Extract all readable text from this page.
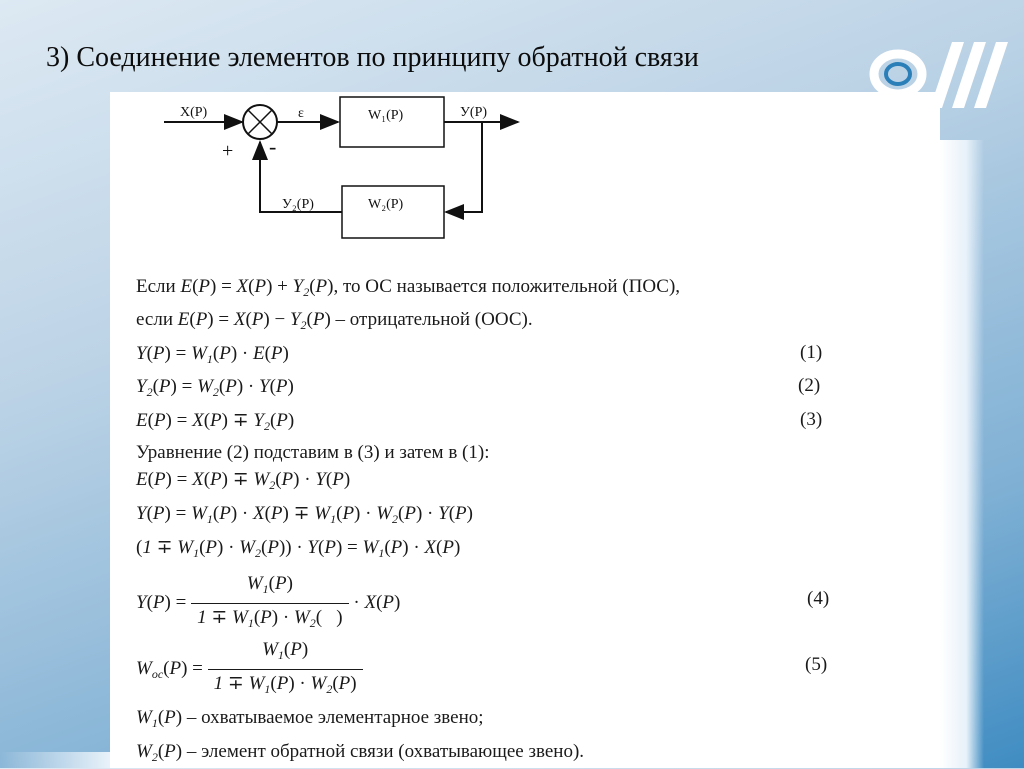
3) Соединение элементов по принципу обратной связи
X(P)	ε	W₁(P)	У(P)
W₂(P)
У₂(P)
+ -
Если $E(P) = X(P) + Y_2(P)$, то ОС называется положительной (ПОС),
если $E(P) = X(P) - Y_2(P)$ – отрицательной (ООС).
$Y(P) = W_1(P) \cdot E(P)$	(1)
$Y_2(P) = W_2(P) \cdot Y(P)$	(2)
$E(P) = X(P) \mp Y_2(P)$	(3)
Уравнение (2) подставим в (3) и затем в (1):
$E(P) = X(P) \mp W_2(P) \cdot Y(P)$
$Y(P) = W_1(P) \cdot X(P) \mp W_1(P) \cdot W_2(P) \cdot Y(P)$
$(1 \mp W_1(P) \cdot W_2(P)) \cdot Y(P) = W_1(P) \cdot X(P)$
$Y(P) = \frac{W_1(P)}{1 \mp W_1(P) \cdot W_2( )} \cdot X(P)$	(4)
$W_{oc}(P) = \frac{W_1(P)}{1 \mp W_1(P) \cdot W_2(P)}$	(5)
$W_1(P)$ – охватываемое элементарное звено;
$W_2(P)$ – элемент обратной связи (охватывающее звено).
